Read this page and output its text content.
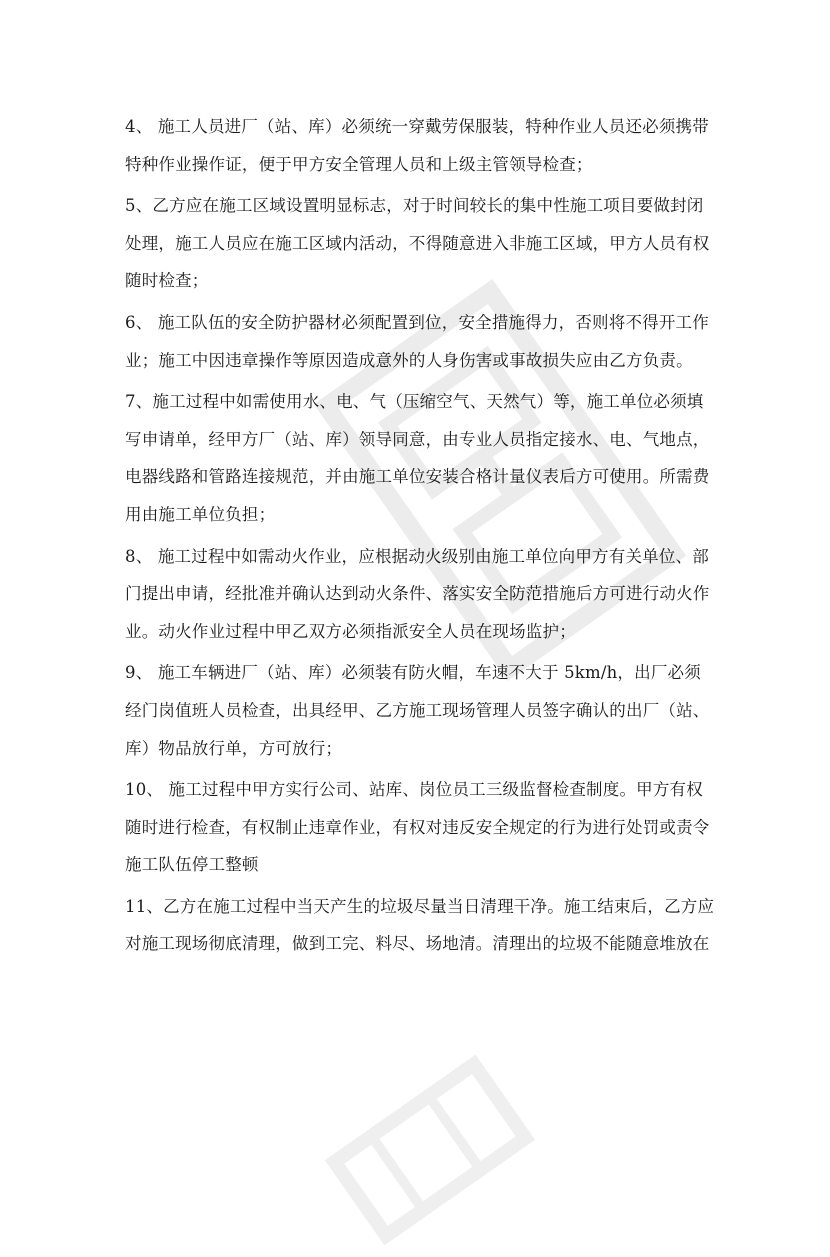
4、 施工人员进厂（站、库）必须统一穿戴劳保服装，特种作业人员还必须携带
特种作业操作证，便于甲方安全管理人员和上级主管领导检查；
5、乙方应在施工区域设置明显标志，对于时间较长的集中性施工项目要做封闭
处理，施工人员应在施工区域内活动，不得随意进入非施工区域，甲方人员有权
随时检查；
6、 施工队伍的安全防护器材必须配置到位，安全措施得力，否则将不得开工作
业；施工中因违章操作等原因造成意外的人身伤害或事故损失应由乙方负责。
7、施工过程中如需使用水、电、气（压缩空气、天然气）等，施工单位必须填
写申请单，经甲方厂（站、库）领导同意，由专业人员指定接水、电、气地点，
电器线路和管路连接规范，并由施工单位安装合格计量仪表后方可使用。所需费
用由施工单位负担；
8、 施工过程中如需动火作业，应根据动火级别由施工单位向甲方有关单位、部
门提出申请，经批准并确认达到动火条件、落实安全防范措施后方可进行动火作
业。动火作业过程中甲乙双方必须指派安全人员在现场监护；
9、 施工车辆进厂（站、库）必须装有防火帽，车速不大于 5km/h，出厂必须
经门岗值班人员检查，出具经甲、乙方施工现场管理人员签字确认的出厂（站、
库）物品放行单，方可放行；
10、 施工过程中甲方实行公司、站库、岗位员工三级监督检查制度。甲方有权
随时进行检查，有权制止违章作业，有权对违反安全规定的行为进行处罚或责令
施工队伍停工整顿
11、乙方在施工过程中当天产生的垃圾尽量当日清理干净。施工结束后，乙方应
对施工现场彻底清理，做到工完、料尽、场地清。清理出的垃圾不能随意堆放在
